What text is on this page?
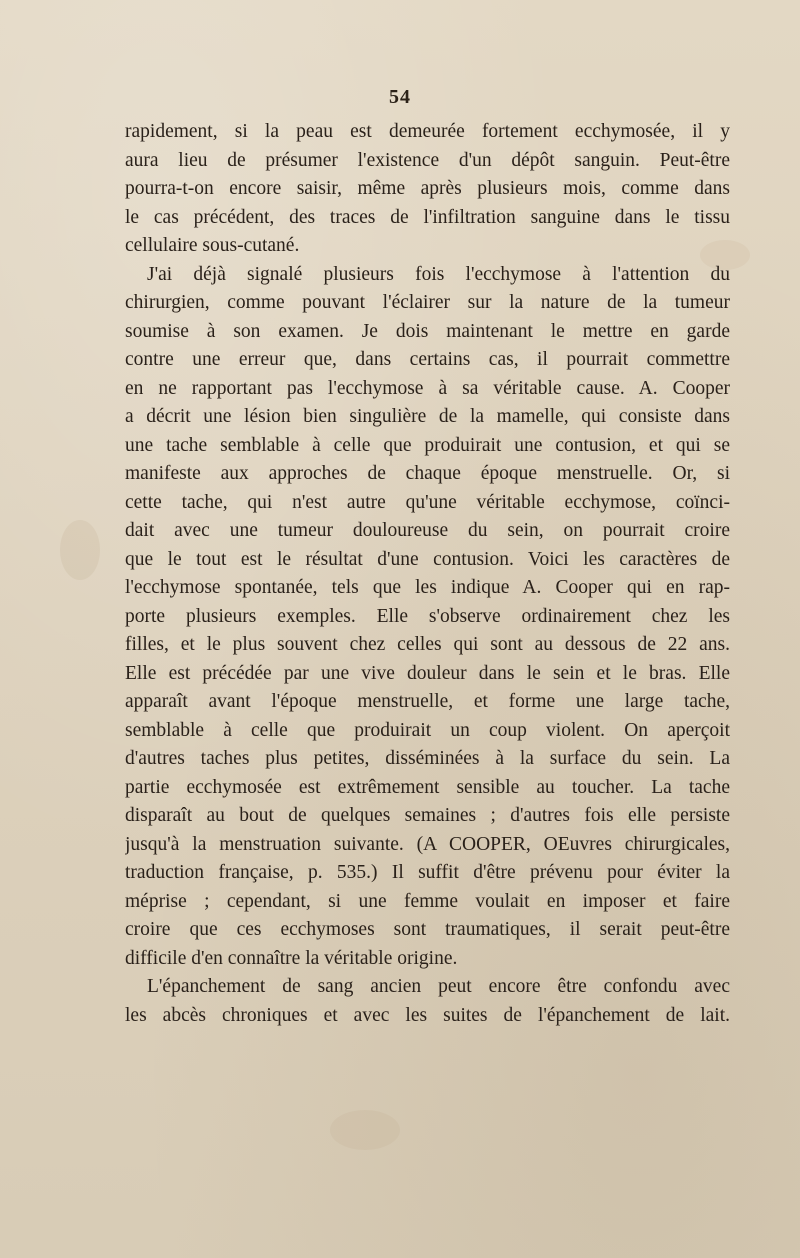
54
rapidement, si la peau est demeurée fortement ecchymosée, il y
aura lieu de présumer l'existence d'un dépôt sanguin. Peut-être
pourra-t-on encore saisir, même après plusieurs mois, comme dans
le cas précédent, des traces de l'infiltration sanguine dans le tissu
cellulaire sous-cutané.
J'ai déjà signalé plusieurs fois l'ecchymose à l'attention du
chirurgien, comme pouvant l'éclairer sur la nature de la tumeur
soumise à son examen. Je dois maintenant le mettre en garde
contre une erreur que, dans certains cas, il pourrait commettre
en ne rapportant pas l'ecchymose à sa véritable cause. A. Cooper
a décrit une lésion bien singulière de la mamelle, qui consiste dans
une tache semblable à celle que produirait une contusion, et qui se
manifeste aux approches de chaque époque menstruelle. Or, si
cette tache, qui n'est autre qu'une véritable ecchymose, coïnci-
dait avec une tumeur douloureuse du sein, on pourrait croire
que le tout est le résultat d'une contusion. Voici les caractères de
l'ecchymose spontanée, tels que les indique A. Cooper qui en rap-
porte plusieurs exemples. Elle s'observe ordinairement chez les
filles, et le plus souvent chez celles qui sont au dessous de 22 ans.
Elle est précédée par une vive douleur dans le sein et le bras. Elle
apparaît avant l'époque menstruelle, et forme une large tache,
semblable à celle que produirait un coup violent. On aperçoit
d'autres taches plus petites, disséminées à la surface du sein. La
partie ecchymosée est extrêmement sensible au toucher. La tache
disparaît au bout de quelques semaines ; d'autres fois elle persiste
jusqu'à la menstruation suivante. (A COOPER, OEuvres chirurgicales,
traduction française, p. 535.) Il suffit d'être prévenu pour éviter la
méprise ; cependant, si une femme voulait en imposer et faire
croire que ces ecchymoses sont traumatiques, il serait peut-être
difficile d'en connaître la véritable origine.
L'épanchement de sang ancien peut encore être confondu avec
les abcès chroniques et avec les suites de l'épanchement de lait.
